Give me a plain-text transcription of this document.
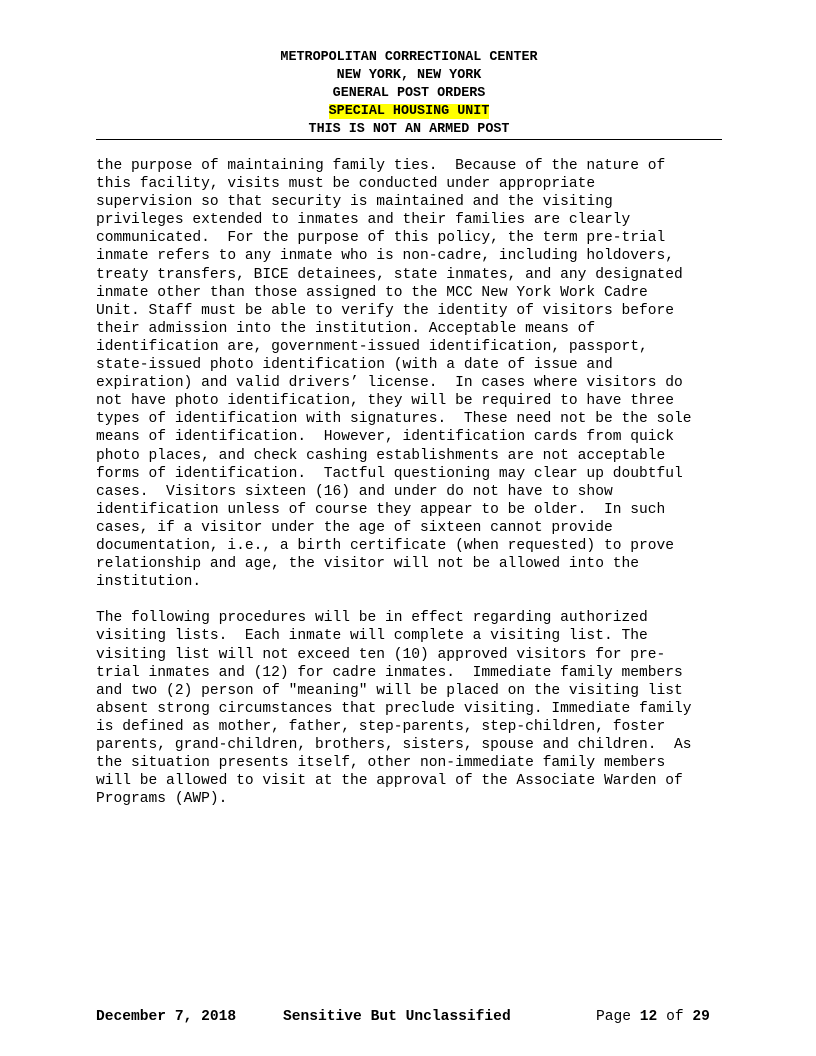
METROPOLITAN CORRECTIONAL CENTER
NEW YORK, NEW YORK
GENERAL POST ORDERS
SPECIAL HOUSING UNIT
THIS IS NOT AN ARMED POST
the purpose of maintaining family ties.  Because of the nature of
this facility, visits must be conducted under appropriate
supervision so that security is maintained and the visiting
privileges extended to inmates and their families are clearly
communicated.  For the purpose of this policy, the term pre-trial
inmate refers to any inmate who is non-cadre, including holdovers,
treaty transfers, BICE detainees, state inmates, and any designated
inmate other than those assigned to the MCC New York Work Cadre
Unit. Staff must be able to verify the identity of visitors before
their admission into the institution. Acceptable means of
identification are, government-issued identification, passport,
state-issued photo identification (with a date of issue and
expiration) and valid drivers’ license.  In cases where visitors do
not have photo identification, they will be required to have three
types of identification with signatures.  These need not be the sole
means of identification.  However, identification cards from quick
photo places, and check cashing establishments are not acceptable
forms of identification.  Tactful questioning may clear up doubtful
cases.  Visitors sixteen (16) and under do not have to show
identification unless of course they appear to be older.  In such
cases, if a visitor under the age of sixteen cannot provide
documentation, i.e., a birth certificate (when requested) to prove
relationship and age, the visitor will not be allowed into the
institution.
The following procedures will be in effect regarding authorized
visiting lists.  Each inmate will complete a visiting list. The
visiting list will not exceed ten (10) approved visitors for pre-
trial inmates and (12) for cadre inmates.  Immediate family members
and two (2) person of "meaning" will be placed on the visiting list
absent strong circumstances that preclude visiting. Immediate family
is defined as mother, father, step-parents, step-children, foster
parents, grand-children, brothers, sisters, spouse and children.  As
the situation presents itself, other non-immediate family members
will be allowed to visit at the approval of the Associate Warden of
Programs (AWP).
December 7, 2018	Sensitive But Unclassified	Page 12 of 29
